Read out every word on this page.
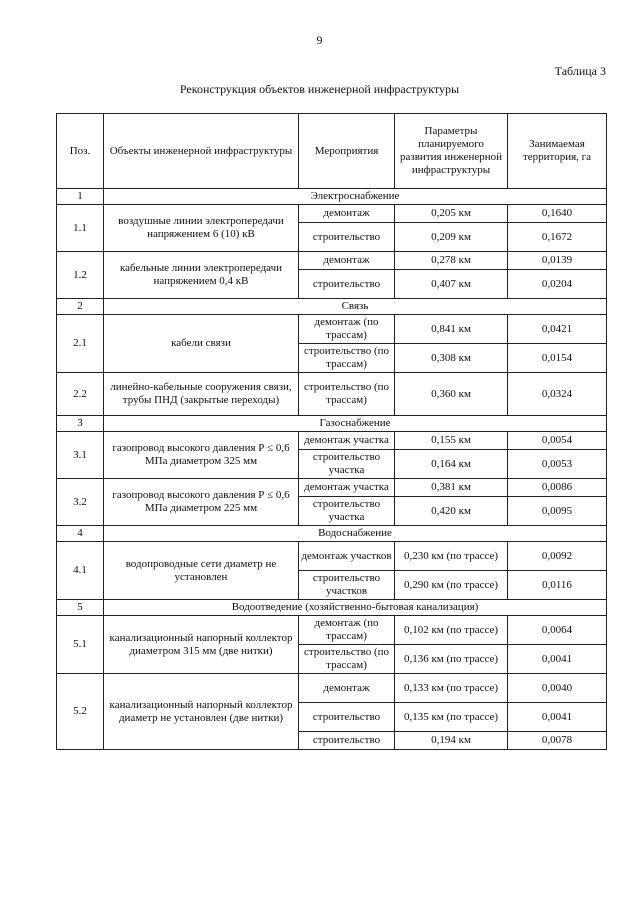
9
Таблица 3
Реконструкция объектов инженерной инфраструктуры
Поз.	Объекты инженерной инфраструктуры	Мероприятия	Параметры планируемого развития инженерной инфраструктуры	Занимаемая территория, га
1	Электроснабжение			
1.1	воздушные линии электропередачи напряжением 6 (10) кВ	демонтаж	0,205 км	0,1640
		строительство	0,209 км	0,1672
1.2	кабельные линии электропередачи напряжением 0,4 кВ	демонтаж	0,278 км	0,0139
		строительство	0,407 км	0,0204
2	Связь			
2.1	кабели связи	демонтаж (по трассам)	0,841 км	0,0421
		строительство (по трассам)	0,308 км	0,0154
2.2	линейно-кабельные сооружения связи, трубы ПНД (закрытые переходы)	строительство (по трассам)	0,360 км	0,0324
3	Газоснабжение			
3.1	газопровод высокого давления Р ≤ 0,6 МПа диаметром 325 мм	демонтаж участка	0,155 км	0,0054
		строительство участка	0,164 км	0,0053
3.2	газопровод высокого давления Р ≤ 0,6 МПа диаметром 225 мм	демонтаж участка	0,381 км	0,0086
		строительство участка	0,420 км	0,0095
4	Водоснабжение			
4.1	водопроводные сети диаметр не установлен	демонтаж участков	0,230 км (по трассе)	0,0092
		строительство участков	0,290 км (по трассе)	0,0116
5	Водоотведение (хозяйственно-бытовая канализация)			
5.1	канализационный напорный коллектор диаметром 315 мм (две нитки)	демонтаж (по трассам)	0,102 км (по трассе)	0,0064
		строительство (по трассам)	0,136 км (по трассе)	0,0041
5.2	канализационный напорный коллектор диаметр не установлен (две нитки)	демонтаж	0,133 км (по трассе)	0,0040
		строительство	0,135 км (по трассе)	0,0041
		строительство	0,194 км	0,0078
